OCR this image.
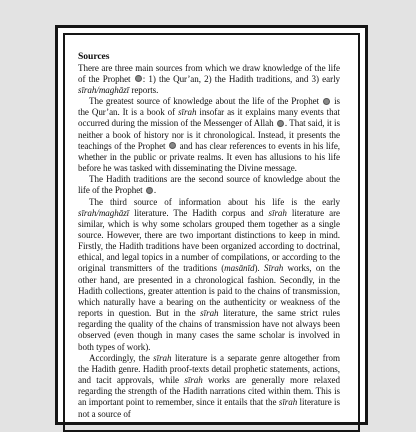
Sources

There are three main sources from which we draw knowledge of the life of the Prophet : 1) the Qur’an, 2) the Hadith traditions, and 3) early sīrah/maghāzī reports.

The greatest source of knowledge about the life of the Prophet  is the Qur’an. It is a book of sīrah insofar as it explains many events that occurred during the mission of the Messenger of Allah . That said, it is neither a book of history nor is it chronological. Instead, it presents the teachings of the Prophet  and has clear references to events in his life, whether in the public or private realms. It even has allusions to his life before he was tasked with disseminating the Divine message.

The Hadith traditions are the second source of knowledge about the life of the Prophet .

The third source of information about his life is the early sīrah/maghāzī literature. The Hadith corpus and sīrah literature are similar, which is why some scholars grouped them together as a single source. However, there are two important distinctions to keep in mind. Firstly, the Hadith traditions have been organized according to doctrinal, ethical, and legal topics in a number of compilations, or according to the original transmitters of the traditions (masānīd). Sīrah works, on the other hand, are presented in a chronological fashion. Secondly, in the Hadith collections, greater attention is paid to the chains of transmission, which naturally have a bearing on the authenticity or weakness of the reports in question. But in the sīrah literature, the same strict rules regarding the quality of the chains of transmission have not always been observed (even though in many cases the same scholar is involved in both types of work).

Accordingly, the sīrah literature is a separate genre altogether from the Hadith genre. Hadith proof-texts detail prophetic statements, actions, and tacit approvals, while sīrah works are generally more relaxed regarding the strength of the Hadith narrations cited within them. This is an important point to remember, since it entails that the sīrah literature is not a source of
